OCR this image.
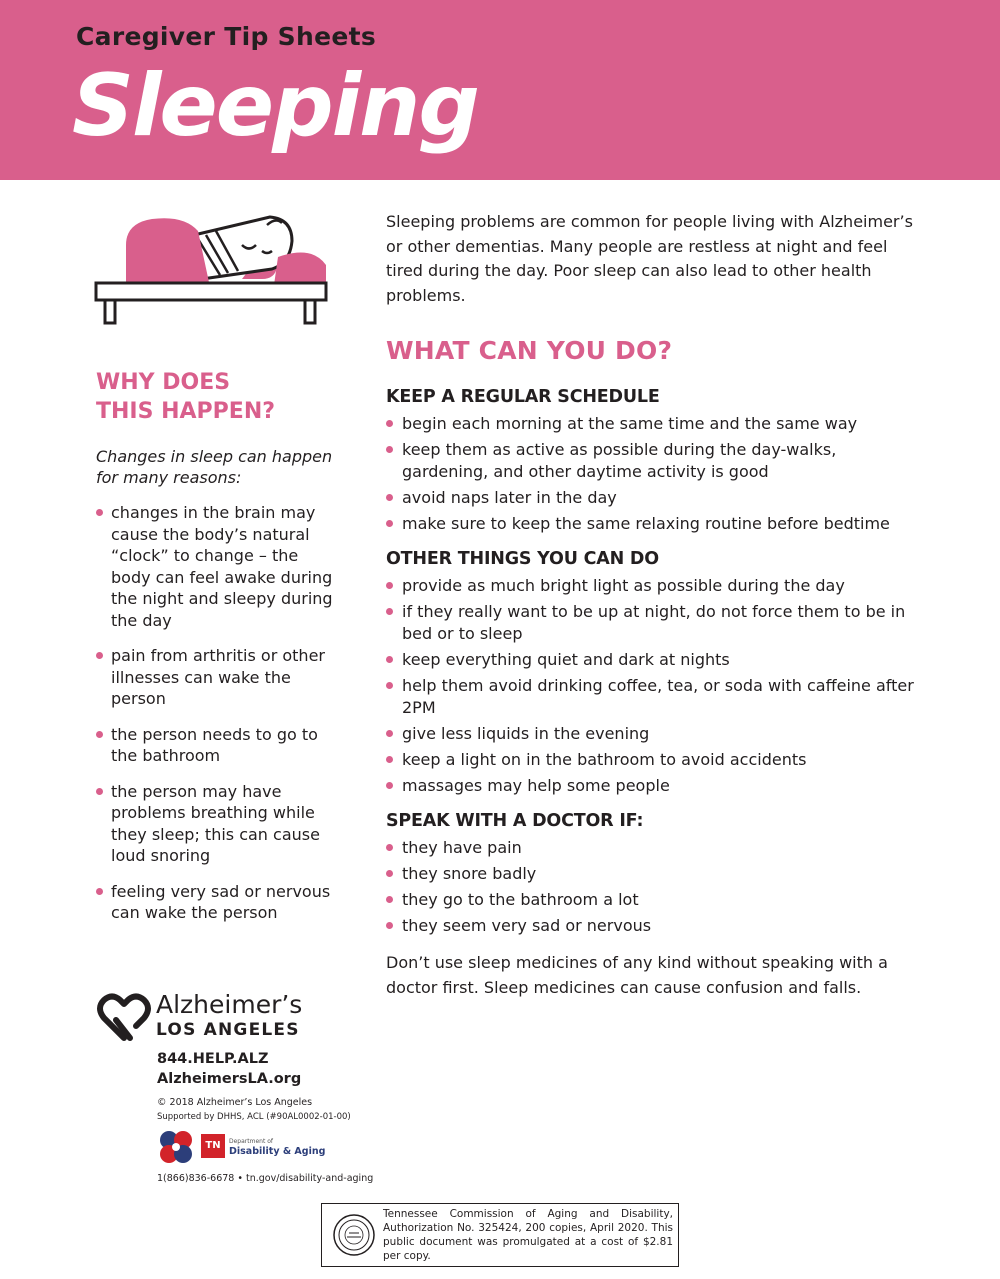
Caregiver Tip Sheets
Sleeping
WHY DOES
THIS HAPPEN?

Changes in sleep can happen for many reasons:

changes in the brain may cause the body’s natural “clock” to change – the body can feel awake during the night and sleepy during the day
pain from arthritis or other illnesses can wake the person
the person needs to go to the bathroom
the person may have problems breathing while they sleep; this can cause loud snoring
feeling very sad or nervous can wake the person

Sleeping problems are common for people living with Alzheimer’s or other dementias. Many people are restless at night and feel tired during the day. Poor sleep can also lead to other health problems.

WHAT CAN YOU DO?
KEEP A REGULAR SCHEDULE
begin each morning at the same time and the same way
keep them as active as possible during the day-walks, gardening, and other daytime activity is good
avoid naps later in the day
make sure to keep the same relaxing routine before bedtime
OTHER THINGS YOU CAN DO
provide as much bright light as possible during the day
if they really want to be up at night, do not force them to be in bed or to sleep
keep everything quiet and dark at nights
help them avoid drinking coffee, tea, or soda with caffeine after 2PM
give less liquids in the evening
keep a light on in the bathroom to avoid accidents
massages may help some people
SPEAK WITH A DOCTOR IF:
they have pain
they snore badly
they go to the bathroom a lot
they seem very sad or nervous

Don’t use sleep medicines of any kind without speaking with a doctor first. Sleep medicines can cause confusion and falls.

Alzheimer’s
LOS ANGELES

844.HELP.ALZ

AlzheimersLA.org

© 2018 Alzheimer’s Los Angeles

Supported by DHHS, ACL (#90AL0002-01-00)

TN	Department of
Disability & Aging
1(866)836-6678 • tn.gov/disability-and-aging

Tennessee Commission of Aging and Disability, Authorization No. 325424, 200 copies, April 2020. This public document was promulgated at a cost of $2.81 per copy.
